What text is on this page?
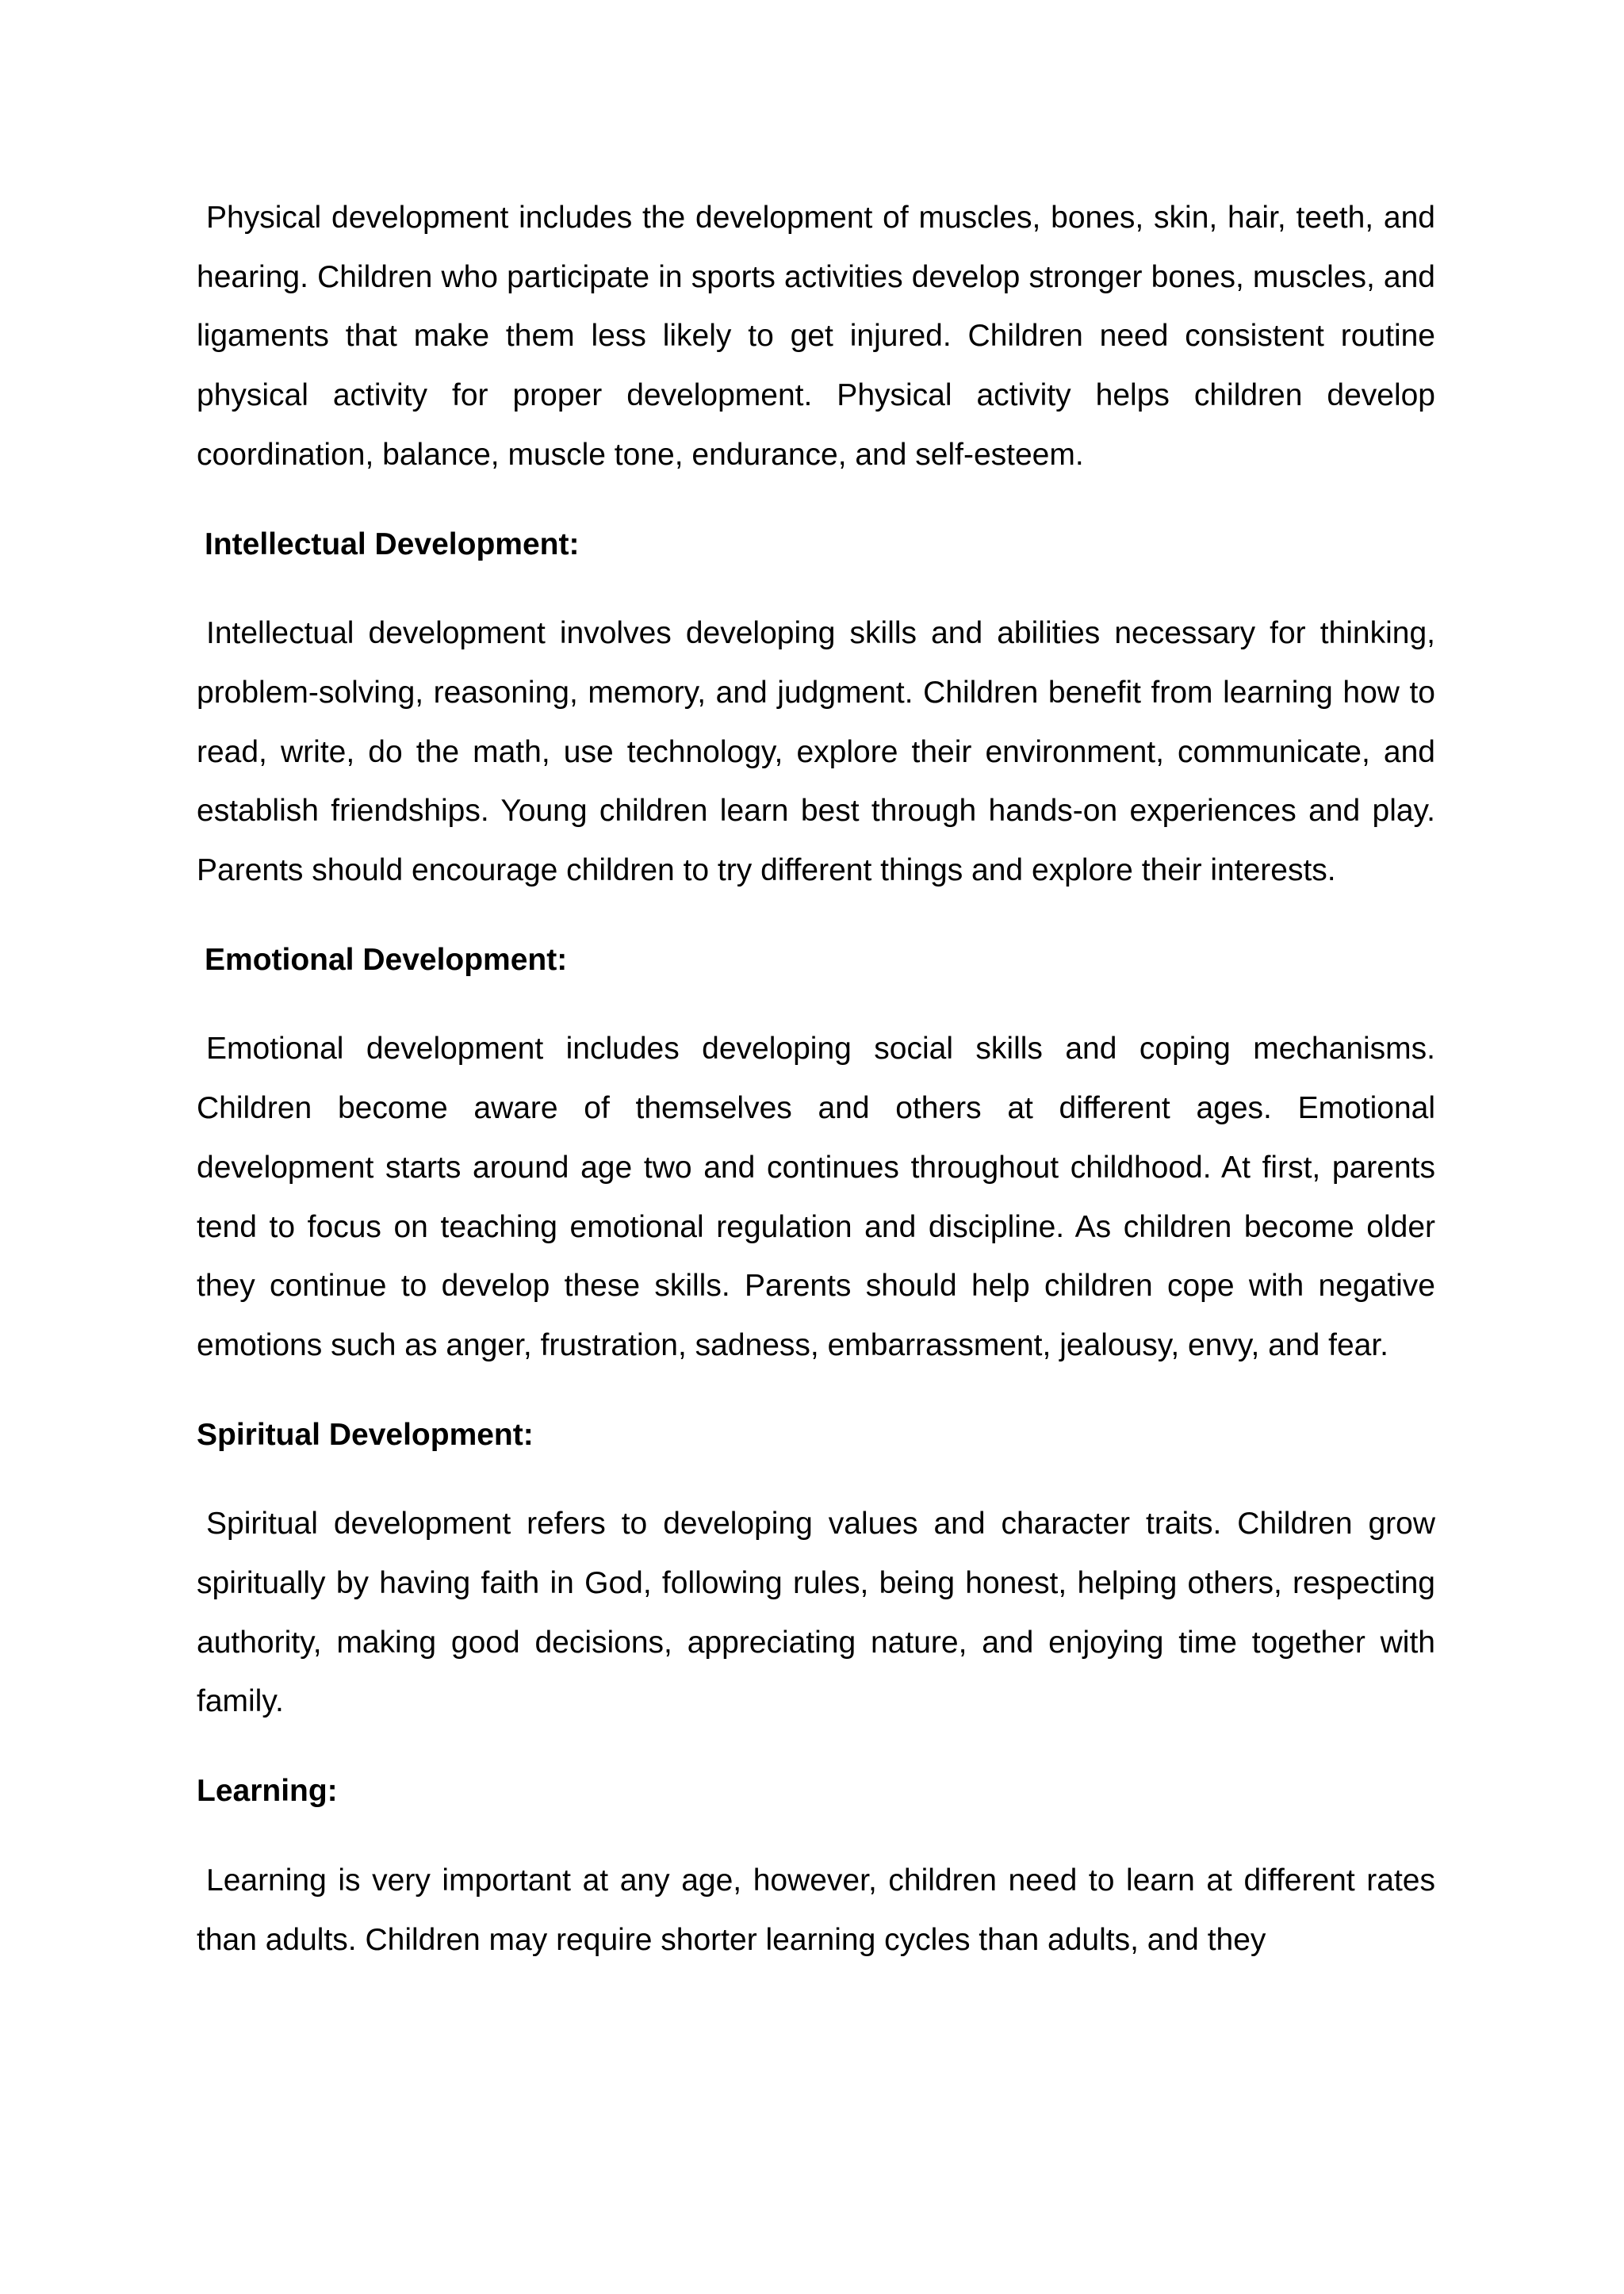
Physical development includes the development of muscles, bones, skin, hair, teeth, and hearing. Children who participate in sports activities develop stronger bones, muscles, and ligaments that make them less likely to get injured. Children need consistent routine physical activity for proper development. Physical activity helps children develop coordination, balance, muscle tone, endurance, and self-esteem.

Intellectual Development:

Intellectual development involves developing skills and abilities necessary for thinking, problem-solving, reasoning, memory, and judgment. Children benefit from learning how to read, write, do the math, use technology, explore their environment, communicate, and establish friendships. Young children learn best through hands-on experiences and play. Parents should encourage children to try different things and explore their interests.

Emotional Development:

Emotional development includes developing social skills and coping mechanisms. Children become aware of themselves and others at different ages. Emotional development starts around age two and continues throughout childhood. At first, parents tend to focus on teaching emotional regulation and discipline. As children become older they continue to develop these skills. Parents should help children cope with negative emotions such as anger, frustration, sadness, embarrassment, jealousy, envy, and fear.

Spiritual Development:

Spiritual development refers to developing values and character traits. Children grow spiritually by having faith in God, following rules, being honest, helping others, respecting authority, making good decisions, appreciating nature, and enjoying time together with family.

Learning:

Learning is very important at any age, however, children need to learn at different rates than adults. Children may require shorter learning cycles than adults, and they
